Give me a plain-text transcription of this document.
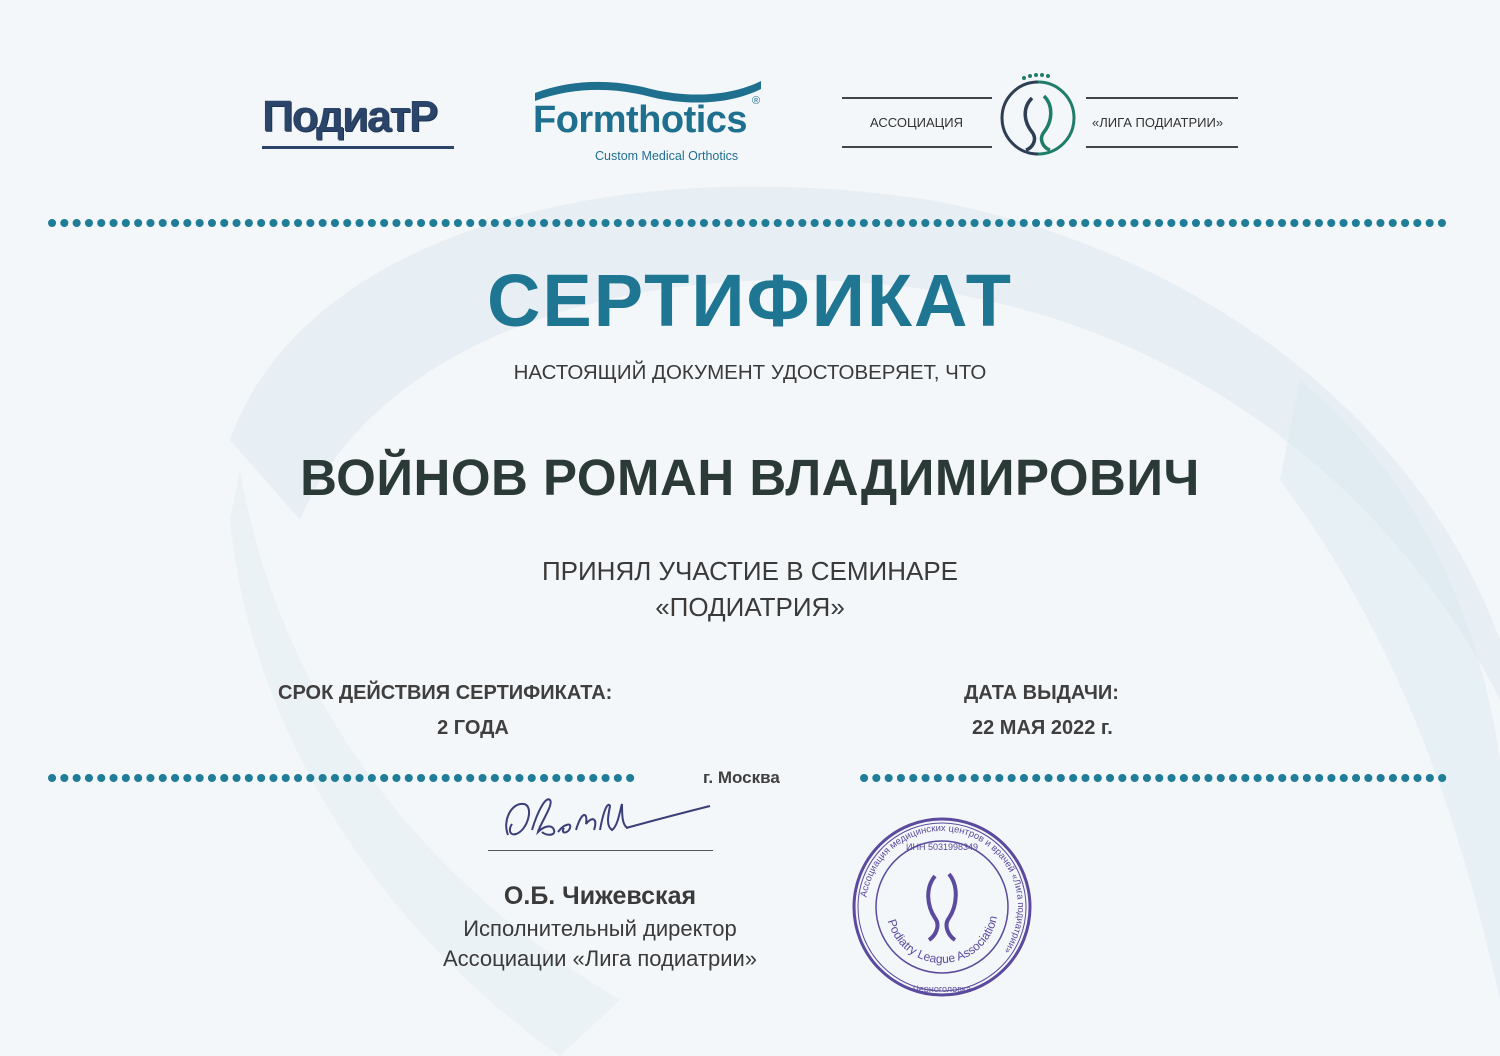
ПодиатР	Formthotics ®
Custom Medical Orthotics
АССОЦИАЦИЯ	«ЛИГА ПОДИАТРИИ»
СЕРТИФИКАТ
НАСТОЯЩИЙ ДОКУМЕНТ УДОСТОВЕРЯЕТ, ЧТО
ВОЙНОВ РОМАН ВЛАДИМИРОВИЧ
ПРИНЯЛ УЧАСТИЕ В СЕМИНАРЕ
«ПОДИАТРИЯ»
СРОК ДЕЙСТВИЯ СЕРТИФИКАТА:
2 ГОДА
ДАТА ВЫДАЧИ:
22 МАЯ 2022 г.
г. Москва
О.Б. Чижевская
Исполнительный директор
Ассоциации «Лига подиатрии»
Ассоциация медицинских центров и врачей «Лига подиатрии»
ИНН 5031998349
Черноголовка
Podiatry League Association
